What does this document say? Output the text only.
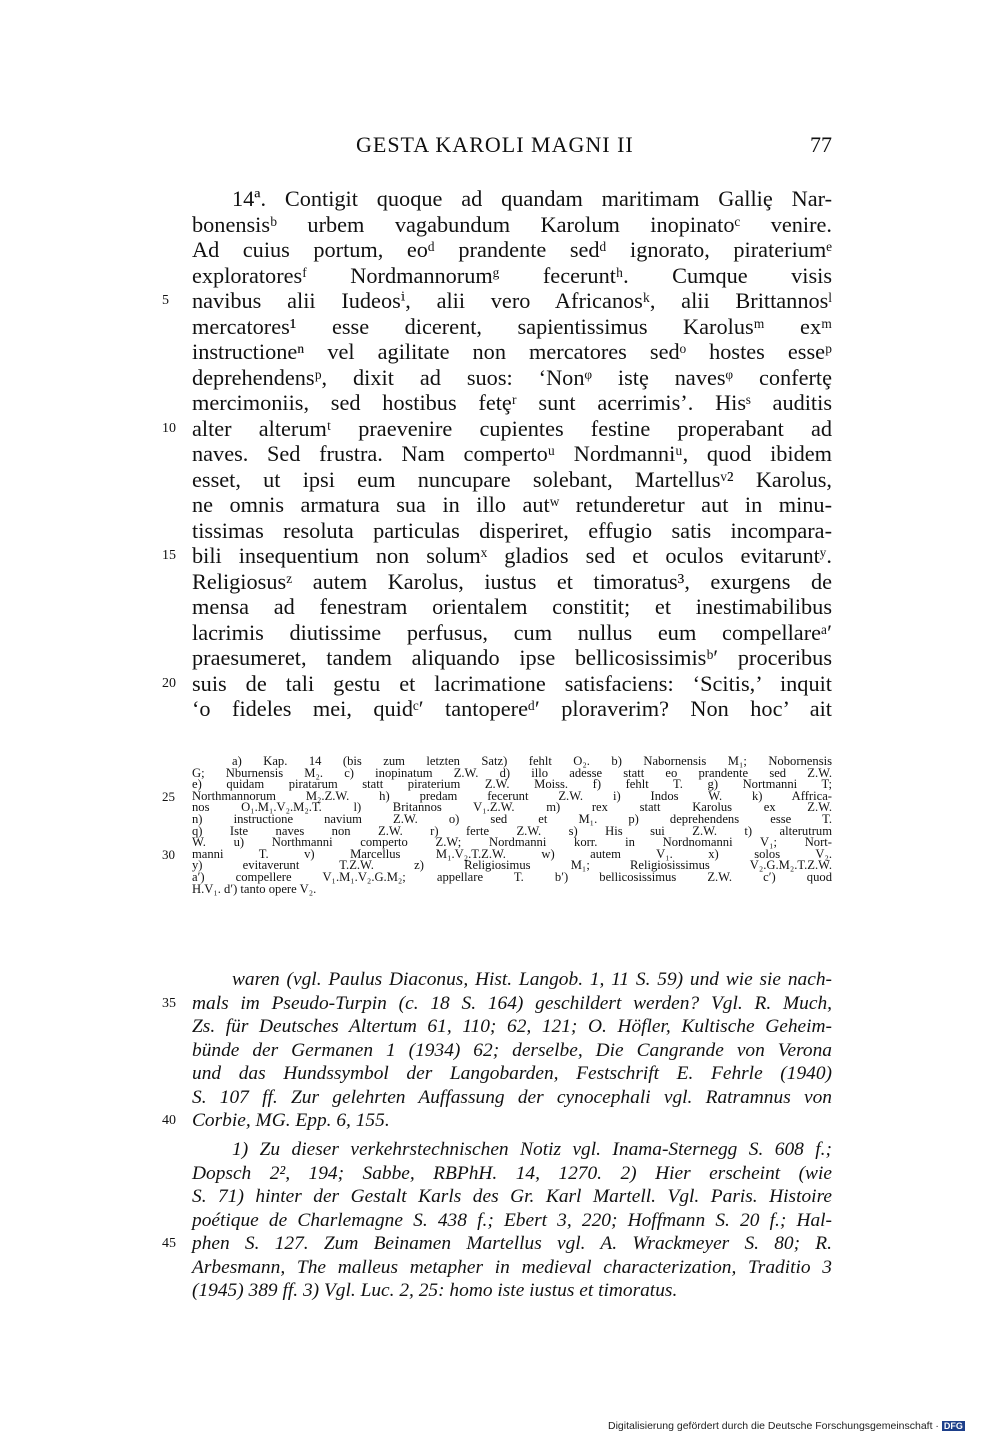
GESTA KAROLI MAGNI II	77
14ª. Contigit quoque ad quandam maritimam Galliȩ Nar-
bonensisᵇ urbem vagabundum Karolum inopinatoᶜ venire.
Ad cuius portum, eoᵈ prandente sedᵈ ignorato, pirateriumᵉ
exploratoresᶠ Nordmannorumᵍ feceruntʰ. Cumque visis
5 navibus alii Iudeosⁱ, alii vero Africanosᵏ, alii Brittannosˡ
mercatores¹ esse dicerent, sapientissimus Karolusᵐ exᵐ
instructioneⁿ vel agilitate non mercatores sedᵒ hostes esseᵖ
deprehendensᵖ, dixit ad suos: ‘Nonᵠ istȩ navesᵠ confertȩ
mercimoniis, sed hostibus fetȩʳ sunt acerrimis’. Hisˢ auditis
10 alter alterumᵗ praevenire cupientes festine properabant ad
naves. Sed frustra. Nam compertoᵘ Nordmanniᵘ, quod ibidem
esset, ut ipsi eum nuncupare solebant, Martellusᵛ² Karolus,
ne omnis armatura sua in illo autʷ retunderetur aut in minu-
tissimas resoluta particulas disperiret, effugio satis incompara-
15 bili insequentium non solumˣ gladios sed et oculos evitaruntʸ.
Religiosusᶻ autem Karolus, iustus et timoratus³, exurgens de
mensa ad fenestram orientalem constitit; et inestimabilibus
lacrimis diutissime perfusus, cum nullus eum compellareᵃ′
praesumeret, tandem aliquando ipse bellicosissimisᵇ′ proceribus
20 suis de tali gestu et lacrimatione satisfaciens: ‘Scitis,’ inquit
‘o fideles mei, quidᶜ′ tantopereᵈ′ ploraverim? Non hoc’ ait
a) Kap. 14 (bis zum letzten Satz) fehlt O₂. b) Nabornensis M₁; Nobornensis
G; Nburnensis M₂. c) inopinatum Z.W. d) illo adesse statt eo prandente sed Z.W.
e) quidam piratarum statt piraterium Z.W. Moiss. f) fehlt T. g) Nortmanni T;
25 Northmannorum M₂.Z.W. h) predam fecerunt Z.W. i) Indos W. k) Affrica-
nos O₁.M₁.V₂.M₂.T. l) Britannos V₁.Z.W. m) rex statt Karolus ex Z.W.
n) instructione navium Z.W. o) sed et M₁. p) deprehendens esse T.
q) Iste naves non Z.W. r) ferte Z.W. s) His sui Z.W. t) alterutrum
W. u) Northmanni comperto Z.W; Nordmanni korr. in Nordnomanni V₁; Nort-
30 manni T. v) Marcellus M₁.V₂.T.Z.W. w) autem V₁. x) solos V₂.
y) evitaverunt T.Z.W. z) Religiosimus M₁; Religiosissimus V₂.G.M₂.T.Z.W.
a′) compellere V₁.M₁.V₂.G.M₂; appellare T. b′) bellicosissimus Z.W. c′) quod
H.V₁. d′) tanto opere V₂.
waren (vgl. Paulus Diaconus, Hist. Langob. 1, 11 S. 59) und wie sie nach-
35 mals im Pseudo-Turpin (c. 18 S. 164) geschildert werden? Vgl. R. Much,
Zs. für Deutsches Altertum 61, 110; 62, 121; O. Höfler, Kultische Geheim-
bünde der Germanen 1 (1934) 62; derselbe, Die Cangrande von Verona
und das Hundssymbol der Langobarden, Festschrift E. Fehrle (1940)
S. 107 ff. Zur gelehrten Auffassung der cynocephali vgl. Ratramnus von
40 Corbie, MG. Epp. 6, 155.
1) Zu dieser verkehrstechnischen Notiz vgl. Inama-Sternegg S. 608 f.;
Dopsch 2², 194; Sabbe, RBPhH. 14, 1270. 2) Hier erscheint (wie
S. 71) hinter der Gestalt Karls des Gr. Karl Martell. Vgl. Paris. Histoire
poétique de Charlemagne S. 438 f.; Ebert 3, 220; Hoffmann S. 20 f.; Hal-
45 phen S. 127. Zum Beinamen Martellus vgl. A. Wrackmeyer S. 80; R.
Arbesmann, The malleus metapher in medieval characterization, Traditio 3
(1945) 389 ff. 3) Vgl. Luc. 2, 25: homo iste iustus et timoratus.
Digitalisierung gefördert durch die Deutsche Forschungsgemeinschaft · DFG
